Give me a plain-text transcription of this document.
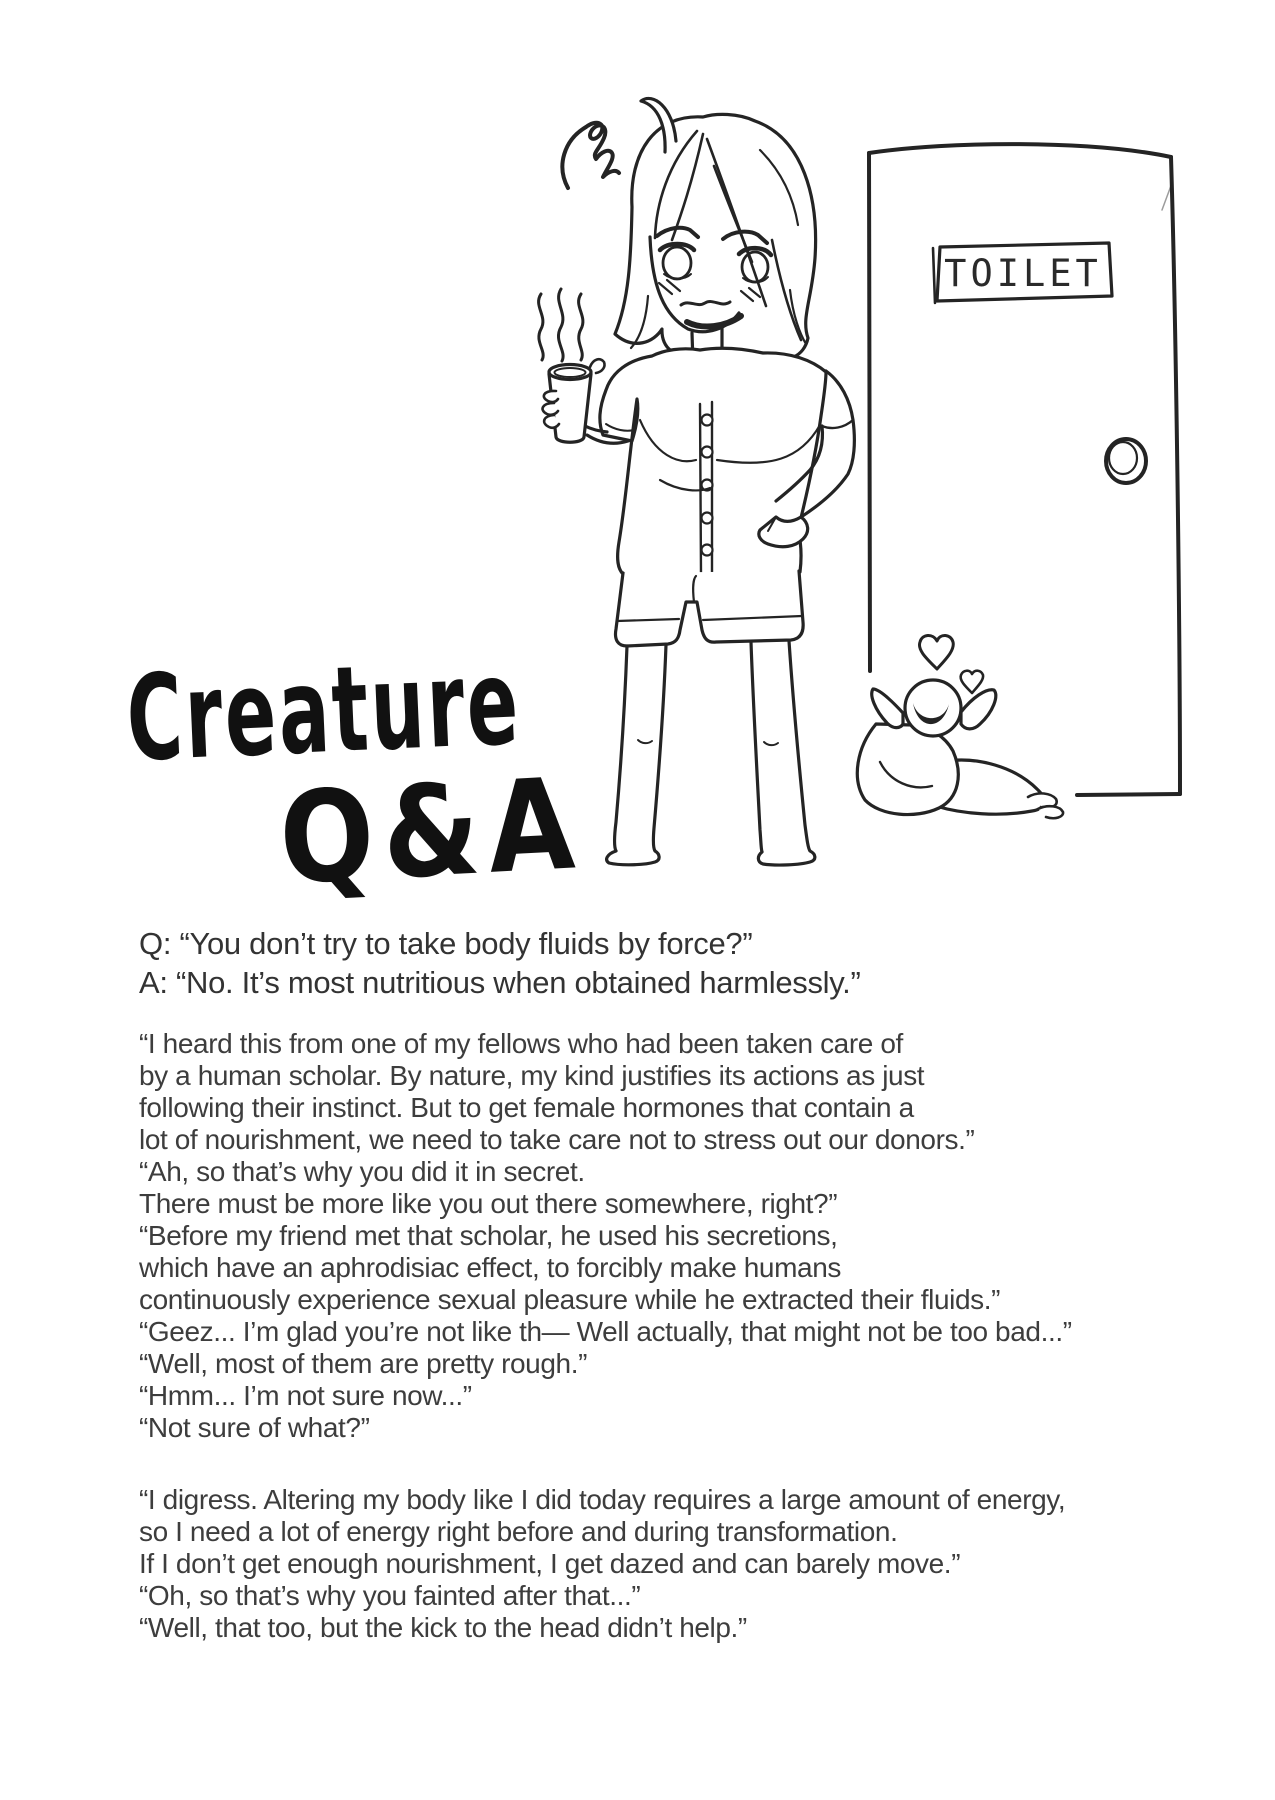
TOILET
Creature
Q&A
Q: “You don’t try to take body fluids by force?”
A: “No. It’s most nutritious when obtained harmlessly.”
“I heard this from one of my fellows who had been taken care of
by a human scholar. By nature, my kind justifies its actions as just
following their instinct. But to get female hormones that contain a
lot of nourishment, we need to take care not to stress out our donors.”
“Ah, so that’s why you did it in secret.
There must be more like you out there somewhere, right?”
“Before my friend met that scholar, he used his secretions,
which have an aphrodisiac effect, to forcibly make humans
continuously experience sexual pleasure while he extracted their fluids.”
“Geez... I’m glad you’re not like th— Well actually, that might not be too bad...”
“Well, most of them are pretty rough.”
“Hmm... I’m not sure now...”
“Not sure of what?”
“I digress. Altering my body like I did today requires a large amount of energy,
so I need a lot of energy right before and during transformation.
If I don’t get enough nourishment, I get dazed and can barely move.”
“Oh, so that’s why you fainted after that...”
“Well, that too, but the kick to the head didn’t help.”
